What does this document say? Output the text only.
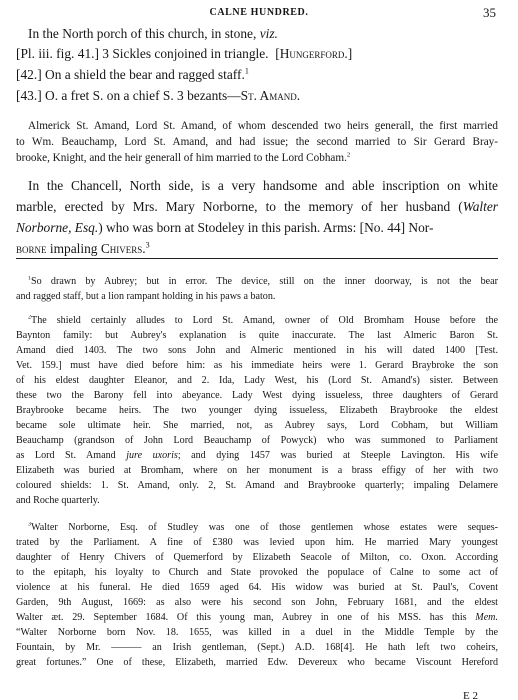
CALNE HUNDRED.	35
In the North porch of this church, in stone, viz.
[Pl. iii. fig. 41.] 3 Sickles conjoined in triangle. [Hungerford.]
[42.] On a shield the bear and ragged staff.$^1$
[43.] O. a fret S. on a chief S. 3 bezants—St. Amand.
Almerick St. Amand, Lord St. Amand, of whom descended two heirs generall, the first married
to Wm. Beauchamp, Lord St. Amand, and had issue; the second married to Sir Gerard Bray-
brooke, Knight, and the heir generall of him married to the Lord Cobham.$^2$
In the Chancell, North side, is a very handsome and able inscription on white
marble, erected by Mrs. Mary Norborne, to the memory of her husband (Walter
Norborne, Esq.) who was born at Stodeley in this parish. Arms: [No. 44] Nor-
borne impaling Chivers.$^3$
$^1$So drawn by Aubrey; but in error. The device, still on the inner doorway, is not the bear
and ragged staff, but a lion rampant holding in his paws a baton.
$^2$The shield certainly alludes to Lord St. Amand, owner of Old Bromham House before the
Baynton family: but Aubrey's explanation is quite inaccurate. The last Almeric Baron St.
Amand died 1403. The two sons John and Almeric mentioned in his will dated 1400 [Test.
Vet. 159.] must have died before him: as his immediate heirs were 1. Gerard Braybroke the son
of his eldest daughter Eleanor, and 2. Ida, Lady West, his (Lord St. Amand's) sister. Between
these two the Barony fell into abeyance. Lady West dying issueless, three daughters of Gerard
Braybrooke became heirs. The two younger dying issueless, Elizabeth Braybrooke the eldest
became sole ultimate heir. She married, not, as Aubrey says, Lord Cobham, but William
Beauchamp (grandson of John Lord Beauchamp of Powyck) who was summoned to Parliament
as Lord St. Amand jure uxoris; and dying 1457 was buried at Steeple Lavington. His wife
Elizabeth was buried at Bromham, where on her monument is a brass effigy of her with two
coloured shields: 1. St. Amand, only. 2, St. Amand and Braybrooke quarterly; impaling Delamere
and Roche quarterly.
$^3$Walter Norborne, Esq. of Studley was one of those gentlemen whose estates were seques-
trated by the Parliament. A fine of £380 was levied upon him. He married Mary youngest
daughter of Henry Chivers of Quemerford by Elizabeth Seacole of Milton, co. Oxon. According
to the epitaph, his loyalty to Church and State provoked the populace of Calne to some act of
violence at his funeral. He died 1659 aged 64. His widow was buried at St. Paul's, Covent
Garden, 9th August, 1669: as also were his second son John, February 1681, and the eldest
Walter æt. 29. September 1684. Of this young man, Aubrey in one of his MSS. has this Mem.
“Walter Norborne born Nov. 18. 1655, was killed in a duel in the Middle Temple by the
Fountain, by Mr. ——— an Irish gentleman, (Sept.) A.D. 168[4]. He hath left two coheirs,
great fortunes.” One of these, Elizabeth, married Edw. Devereux who became Viscount Hereford
E 2
